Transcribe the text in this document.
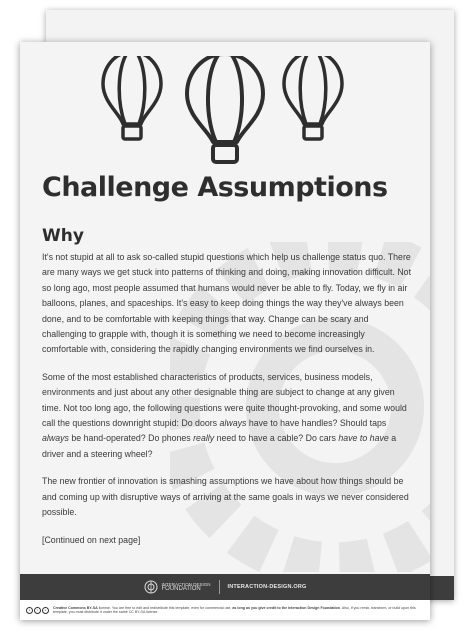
Challenge Assumptions
Why

It's not stupid at all to ask so-called stupid questions which help us challenge status quo. There are many ways we get stuck into patterns of thinking and doing, making innovation difficult. Not so long ago, most people assumed that humans would never be able to fly. Today, we fly in air balloons, planes, and spaceships. It's easy to keep doing things the way they've always been done, and to be comfortable with keeping things that way. Change can be scary and challenging to grapple with, though it is something we need to become increasingly comfortable with, considering the rapidly changing environments we find ourselves in.

Some of the most established characteristics of products, services, business models, environments and just about any other designable thing are subject to change at any given time. Not too long ago, the following questions were quite thought-provoking, and some would call the questions downright stupid: Do doors always have to have handles? Should taps always be hand-operated? Do phones really need to have a cable? Do cars have to have a driver and a steering wheel?

The new frontier of innovation is smashing assumptions we have about how things should be and coming up with disruptive ways of arriving at the same goals in ways we never considered possible.

[Continued on next page]

INTERACTION DESIGN
FOUNDATION	INTERACTION-DESIGN.ORG
c	i	o	Creative Commons BY-SA license. You are free to edit and redistribute this template, even for commercial use, as long as you give credit to the Interaction Design Foundation. Also, if you remix, transform, or build upon this template, you must distribute it under the same CC BY-SA license.
